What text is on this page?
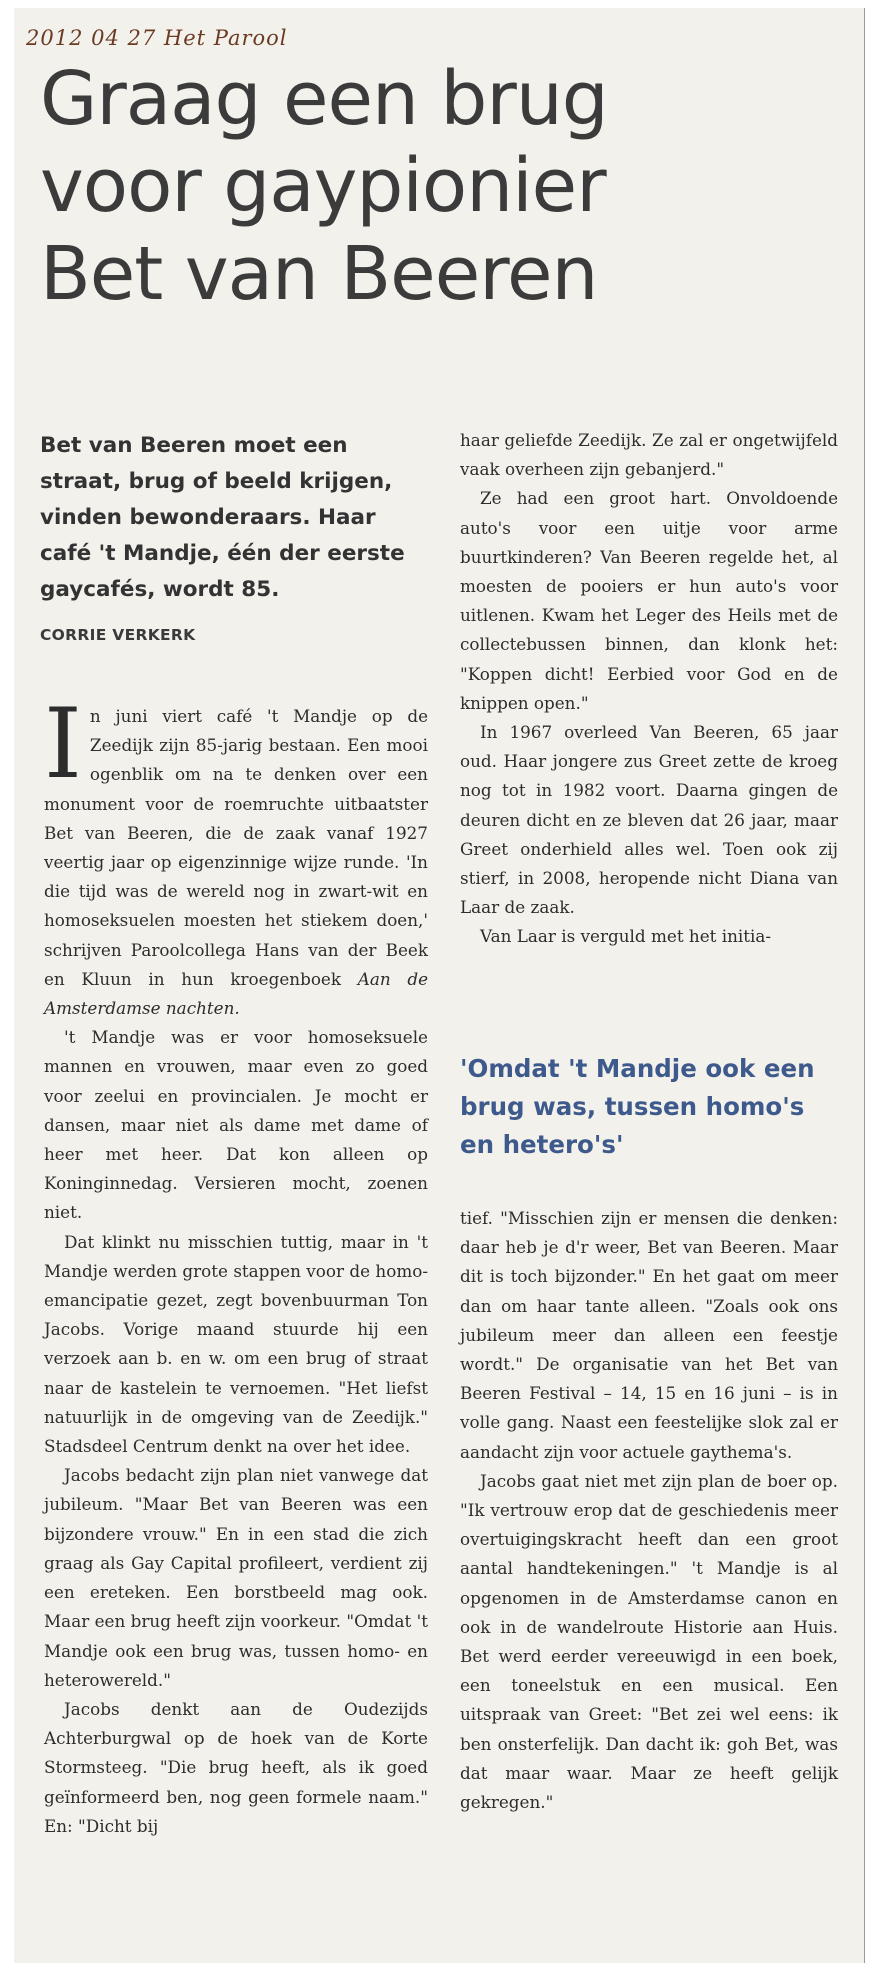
2012 04 27 Het Parool
Graag een brug
voor gaypionier
Bet van Beeren
Bet van Beeren moet een straat, brug of beeld krijgen, vinden bewonderaars. Haar café 't Mandje, één der eerste gaycafés, wordt 85.
CORRIE VERKERK

In juni viert café 't Mandje op de Zeedijk zijn 85-jarig bestaan. Een mooi ogenblik om na te denken over een monument voor de roemruchte uitbaatster Bet van Beeren, die de zaak vanaf 1927 veertig jaar op eigenzinnige wijze runde. 'In die tijd was de wereld nog in zwart-wit en homoseksuelen moesten het stiekem doen,' schrijven Paroolcollega Hans van der Beek en Kluun in hun kroegenboek Aan de Amsterdamse nachten.

't Mandje was er voor homoseksuele mannen en vrouwen, maar even zo goed voor zeelui en provincialen. Je mocht er dansen, maar niet als dame met dame of heer met heer. Dat kon alleen op Koninginnedag. Versieren mocht, zoenen niet.

Dat klinkt nu misschien tuttig, maar in 't Mandje werden grote stappen voor de homo-emancipatie gezet, zegt bovenbuurman Ton Jacobs. Vorige maand stuurde hij een verzoek aan b. en w. om een brug of straat naar de kastelein te vernoemen. "Het liefst natuurlijk in de omgeving van de Zeedijk." Stadsdeel Centrum denkt na over het idee.

Jacobs bedacht zijn plan niet vanwege dat jubileum. "Maar Bet van Beeren was een bijzondere vrouw." En in een stad die zich graag als Gay Capital profileert, verdient zij een ereteken. Een borstbeeld mag ook. Maar een brug heeft zijn voorkeur. "Omdat 't Mandje ook een brug was, tussen homo- en heterowereld."

Jacobs denkt aan de Oudezijds Achterburgwal op de hoek van de Korte Stormsteeg. "Die brug heeft, als ik goed geïnformeerd ben, nog geen formele naam." En: "Dicht bij

haar geliefde Zeedijk. Ze zal er ongetwijfeld vaak overheen zijn gebanjerd."

Ze had een groot hart. Onvoldoende auto's voor een uitje voor arme buurtkinderen? Van Beeren regelde het, al moesten de pooiers er hun auto's voor uitlenen. Kwam het Leger des Heils met de collectebussen binnen, dan klonk het: "Koppen dicht! Eerbied voor God en de knippen open."

In 1967 overleed Van Beeren, 65 jaar oud. Haar jongere zus Greet zette de kroeg nog tot in 1982 voort. Daarna gingen de deuren dicht en ze bleven dat 26 jaar, maar Greet onderhield alles wel. Toen ook zij stierf, in 2008, heropende nicht Diana van Laar de zaak.

Van Laar is verguld met het initia-

'Omdat 't Mandje ook een brug was, tussen homo's en hetero's'

tief. "Misschien zijn er mensen die denken: daar heb je d'r weer, Bet van Beeren. Maar dit is toch bijzonder." En het gaat om meer dan om haar tante alleen. "Zoals ook ons jubileum meer dan alleen een feestje wordt." De organisatie van het Bet van Beeren Festival – 14, 15 en 16 juni – is in volle gang. Naast een feestelijke slok zal er aandacht zijn voor actuele gaythema's.

Jacobs gaat niet met zijn plan de boer op. "Ik vertrouw erop dat de geschiedenis meer overtuigingskracht heeft dan een groot aantal handtekeningen." 't Mandje is al opgenomen in de Amsterdamse canon en ook in de wandelroute Historie aan Huis. Bet werd eerder vereeuwigd in een boek, een toneelstuk en een musical. Een uitspraak van Greet: "Bet zei wel eens: ik ben onsterfelijk. Dan dacht ik: goh Bet, was dat maar waar. Maar ze heeft gelijk gekregen."
